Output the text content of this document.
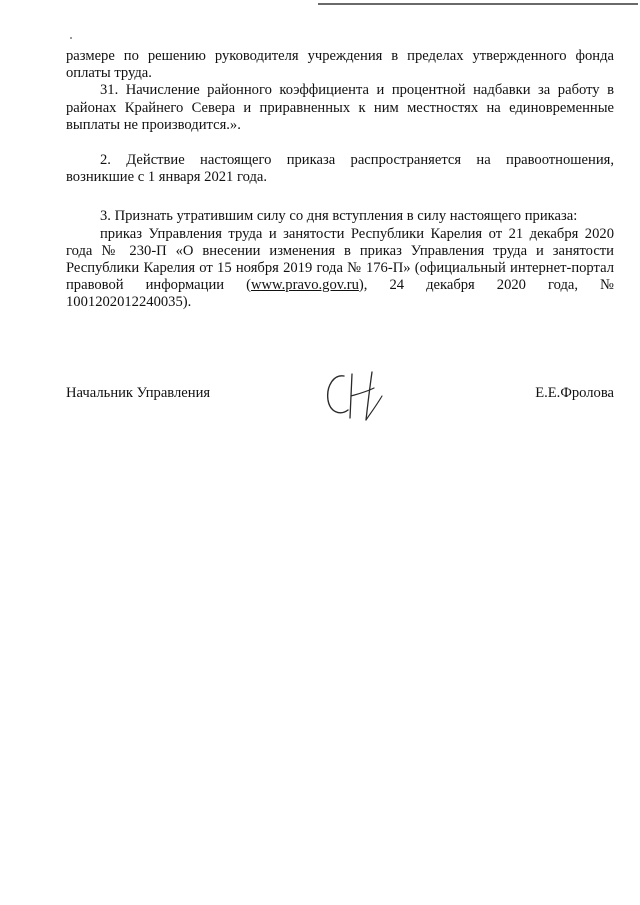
размере по решению руководителя учреждения в пределах утвержденного фонда оплаты труда.

31. Начисление районного коэффициента и процентной надбавки за работу в районах Крайнего Севера и приравненных к ним местностях на единовременные выплаты не производится.».

2. Действие настоящего приказа распространяется на правоотношения, возникшие с 1 января 2021 года.

3. Признать утратившим силу со дня вступления в силу настоящего приказа:

приказ Управления труда и занятости Республики Карелия от 21 декабря 2020 года № 230-П «О внесении изменения в приказ Управления труда и занятости Республики Карелия от 15 ноября 2019 года № 176-П» (официальный интернет-портал правовой информации (www.pravo.gov.ru), 24 декабря 2020 года, № 1001202012240035).

Начальник Управления	Е.Е.Фролова
